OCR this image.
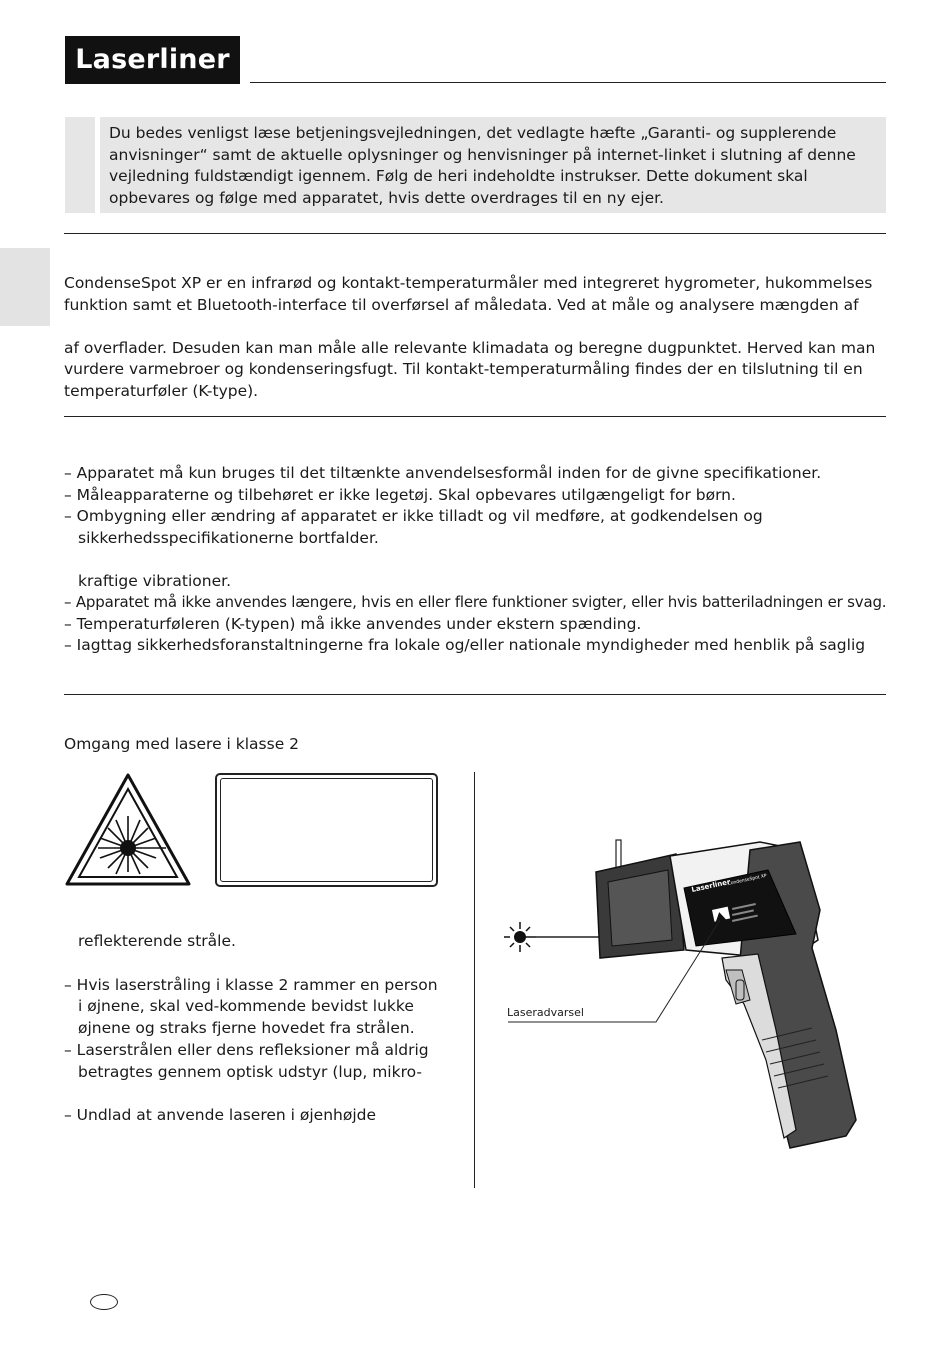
Laserliner
Du bedes venligst læse betjeningsvejledningen, det vedlagte hæfte „Garanti- og supplerende anvisninger“ samt de aktuelle oplysninger og henvisninger på internet-linket i slutning af denne vejledning fuldstændigt igennem. Følg de heri indeholdte instrukser. Dette dokument skal opbevares og følge med apparatet, hvis dette overdrages til en ny ejer.
CondenseSpot XP er en infrarød og kontakt-temperaturmåler med integreret hygrometer, hukommelses
funktion samt et Bluetooth-interface til overførsel af måledata. Ved at måle og analysere mængden af
af overflader. Desuden kan man måle alle relevante klimadata og beregne dugpunktet. Herved kan man
vurdere varmebroer og kondenseringsfugt. Til kontakt-temperaturmåling findes der en tilslutning til en
temperaturføler (K-type).
– Apparatet må kun bruges til det tiltænkte anvendelsesformål inden for de givne specifikationer.
– Måleapparaterne og tilbehøret er ikke legetøj. Skal opbevares utilgængeligt for børn.
– Ombygning eller ændring af apparatet er ikke tilladt og vil medføre, at godkendelsen og
sikkerhedsspecifikationerne bortfalder.
kraftige vibrationer.
– Apparatet må ikke anvendes længere, hvis en eller flere funktioner svigter, eller hvis batteriladningen er svag.
– Temperaturføleren (K-typen) må ikke anvendes under ekstern spænding.
– Iagttag sikkerhedsforanstaltningerne fra lokale og/eller nationale myndigheder med henblik på saglig
Omgang med lasere i klasse 2
reflekterende stråle.
– Hvis laserstråling i klasse 2 rammer en person
i øjnene, skal ved-kommende bevidst lukke
øjnene og straks fjerne hovedet fra strålen.
– Laserstrålen eller dens refleksioner må aldrig
betragtes gennem optisk udstyr (lup, mikro-
– Undlad at anvende laseren i øjenhøjde
Laserliner
CondenseSpot XP
Laseradvarsel
